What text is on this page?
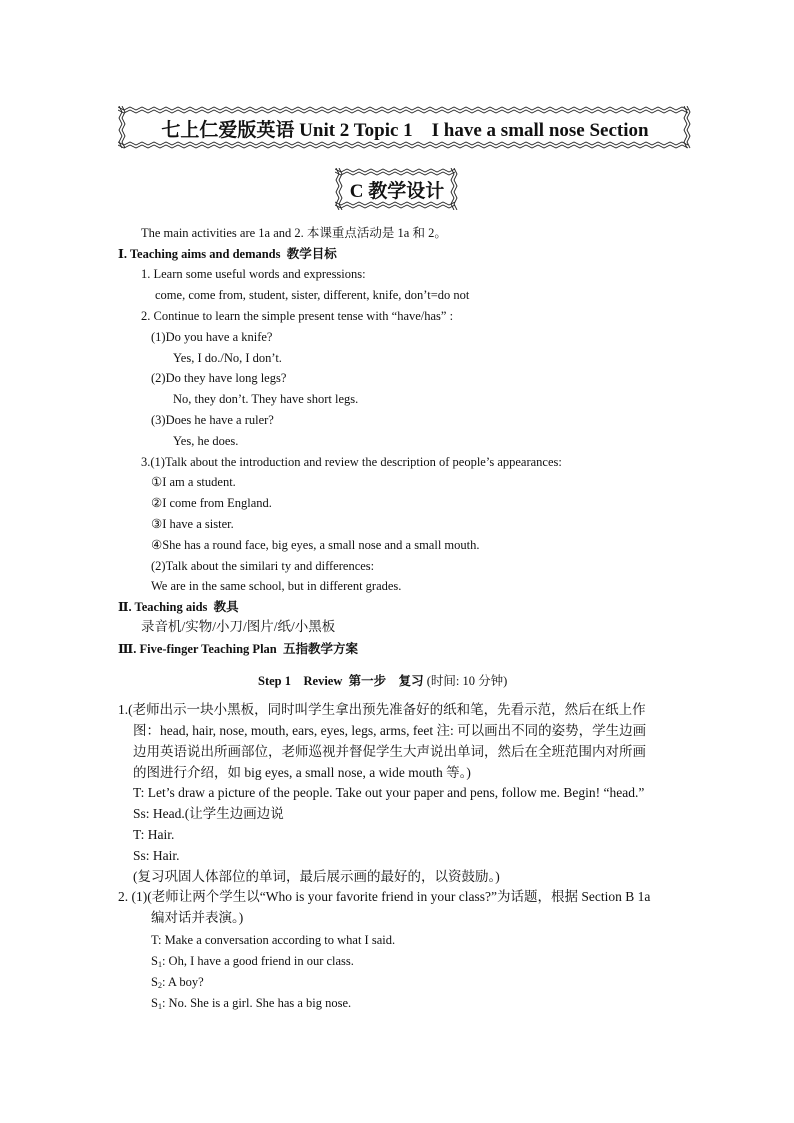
七上仁爱版英语 Unit 2 Topic 1　I have a small nose Section
C 教学设计
The main activities are 1a and 2. 本课重点活动是 1a 和 2。
Ⅰ. Teaching aims and demands 教学目标
1. Learn some useful words and expressions:
come, come from, student, sister, different, knife, don’t=do not
2. Continue to learn the simple present tense with “have/has” :
(1)Do you have a knife?
Yes, I do./No, I don’t.
(2)Do they have long legs?
No, they don’t. They have short legs.
(3)Does he have a ruler?
Yes, he does.
3.(1)Talk about the introduction and review the description of people’s appearances:
①I am a student.
②I come from England.
③I have a sister.
④She has a round face, big eyes, a small nose and a small mouth.
(2)Talk about the similari ty and differences:
We are in the same school, but in different grades.
Ⅱ. Teaching aids 教具
录音机/实物/小刀/图片/纸/小黑板
Ⅲ. Five-finger Teaching Plan 五指教学方案
Step 1　Review 第一步　复习 (时间: 10 分钟)
1.(老师出示一块小黑板，同时叫学生拿出预先准备好的纸和笔，先看示范，然后在纸上作
图：head, hair, nose, mouth, ears, eyes, legs, arms, feet 注: 可以画出不同的姿势，学生边画
边用英语说出所画部位，老师巡视并督促学生大声说出单词，然后在全班范围内对所画
的图进行介绍，如 big eyes, a small nose, a wide mouth 等。)
T: Let’s draw a picture of the people. Take out your paper and pens, follow me. Begin! “head.”
Ss: Head.(让学生边画边说
T: Hair.
Ss: Hair.
(复习巩固人体部位的单词，最后展示画的最好的，以资鼓励。)
2. (1)(老师让两个学生以“Who is your favorite friend in your class?”为话题，根据 Section B 1a
编对话并表演。)
T: Make a conversation according to what I said.
$S_1$: Oh, I have a good friend in our class.
$S_2$: A boy?
$S_1$: No. She is a girl. She has a big nose.
